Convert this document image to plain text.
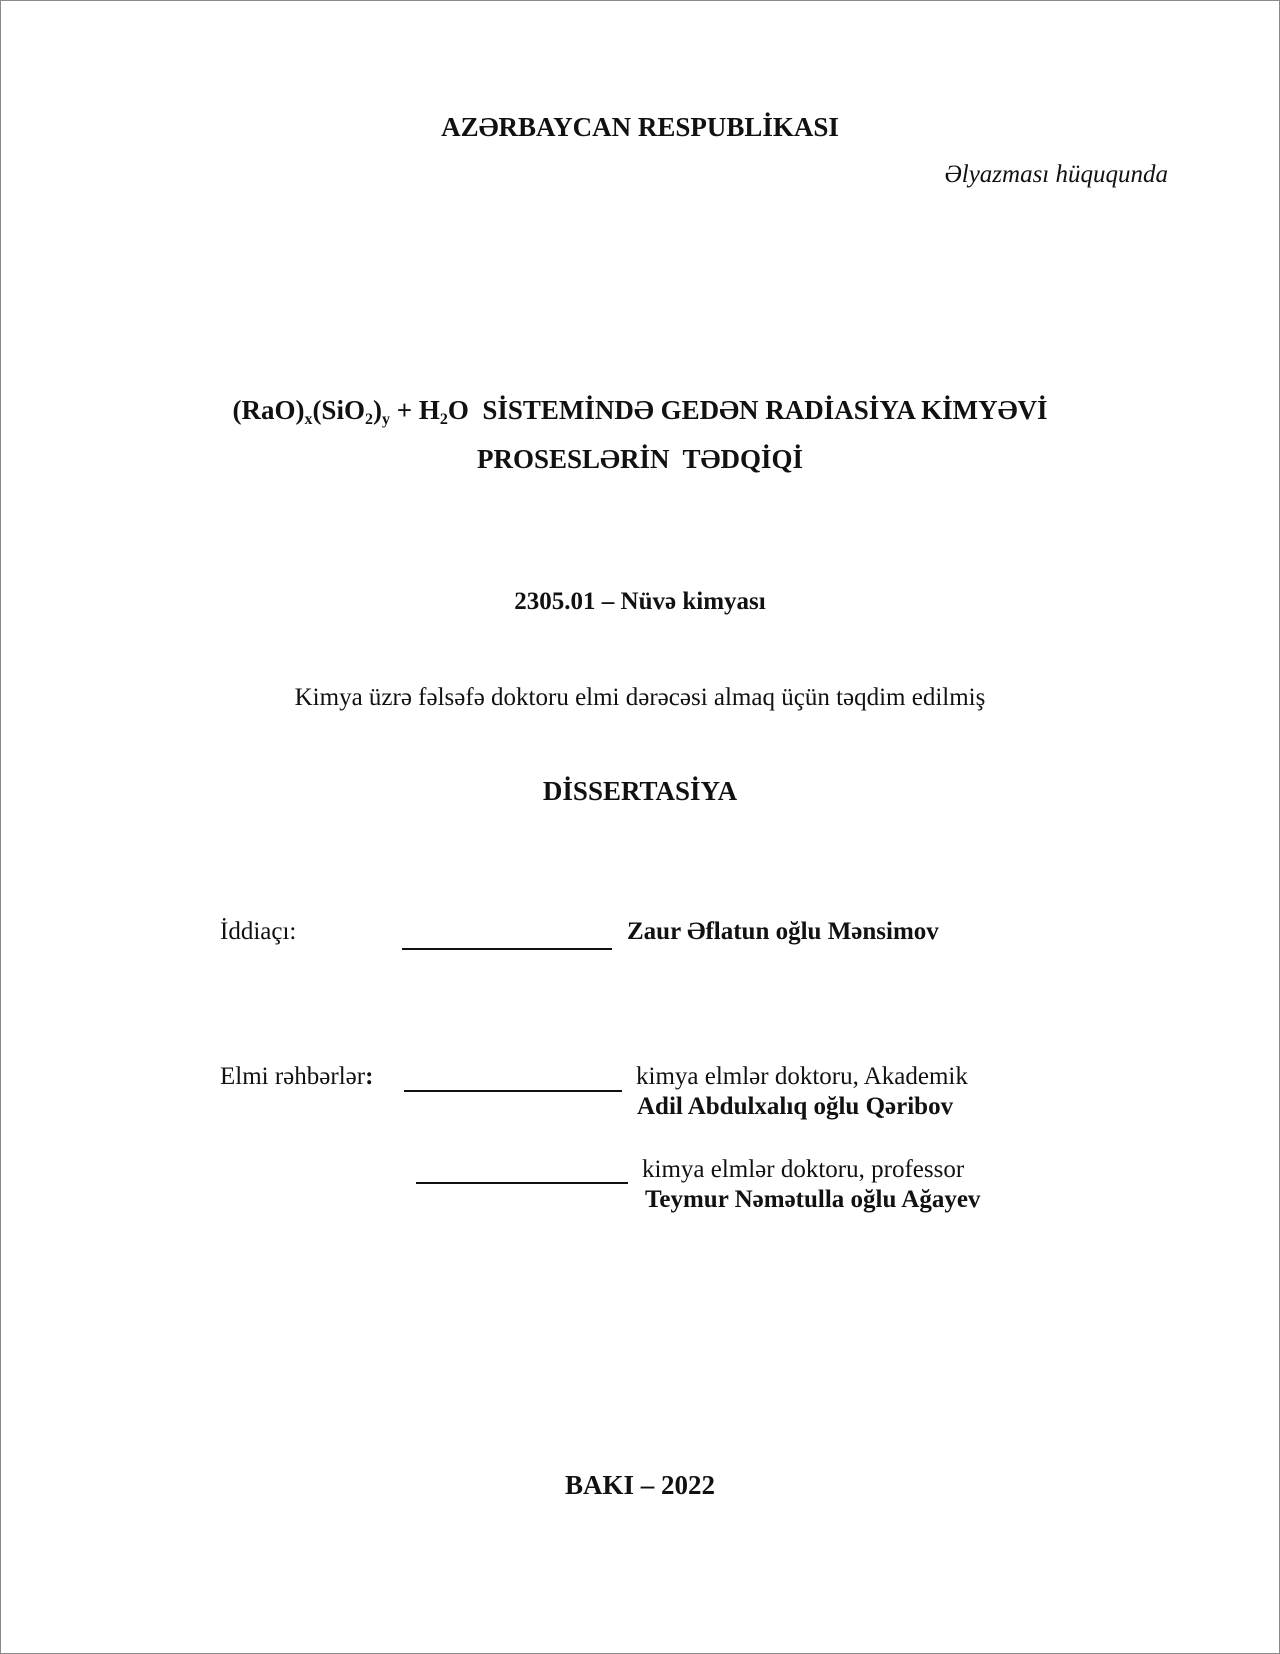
AZƏRBAYCAN RESPUBLİKASI
Əlyazması hüququnda
$(RaO)_x(SiO_2)_y + H_2O$  SİSTEMİNDƏ GEDƏN RADİASİYA KİMYƏVİ
PROSESLƏRİN  TƏDQİQİ
2305.01 – Nüvə kimyası
Kimya üzrə fəlsəfə doktoru elmi dərəcəsi almaq üçün təqdim edilmiş
DİSSERTASİYA
İddiaçı:	Zaur Əflatun oğlu Mənsimov
Elmi rəhbərlər:	kimya elmlər doktoru, Akademik
Adil Abdulxalıq oğlu Qəribov
kimya elmlər doktoru, professor
Teymur Nəmətulla oğlu Ağayev
BAKI – 2022
